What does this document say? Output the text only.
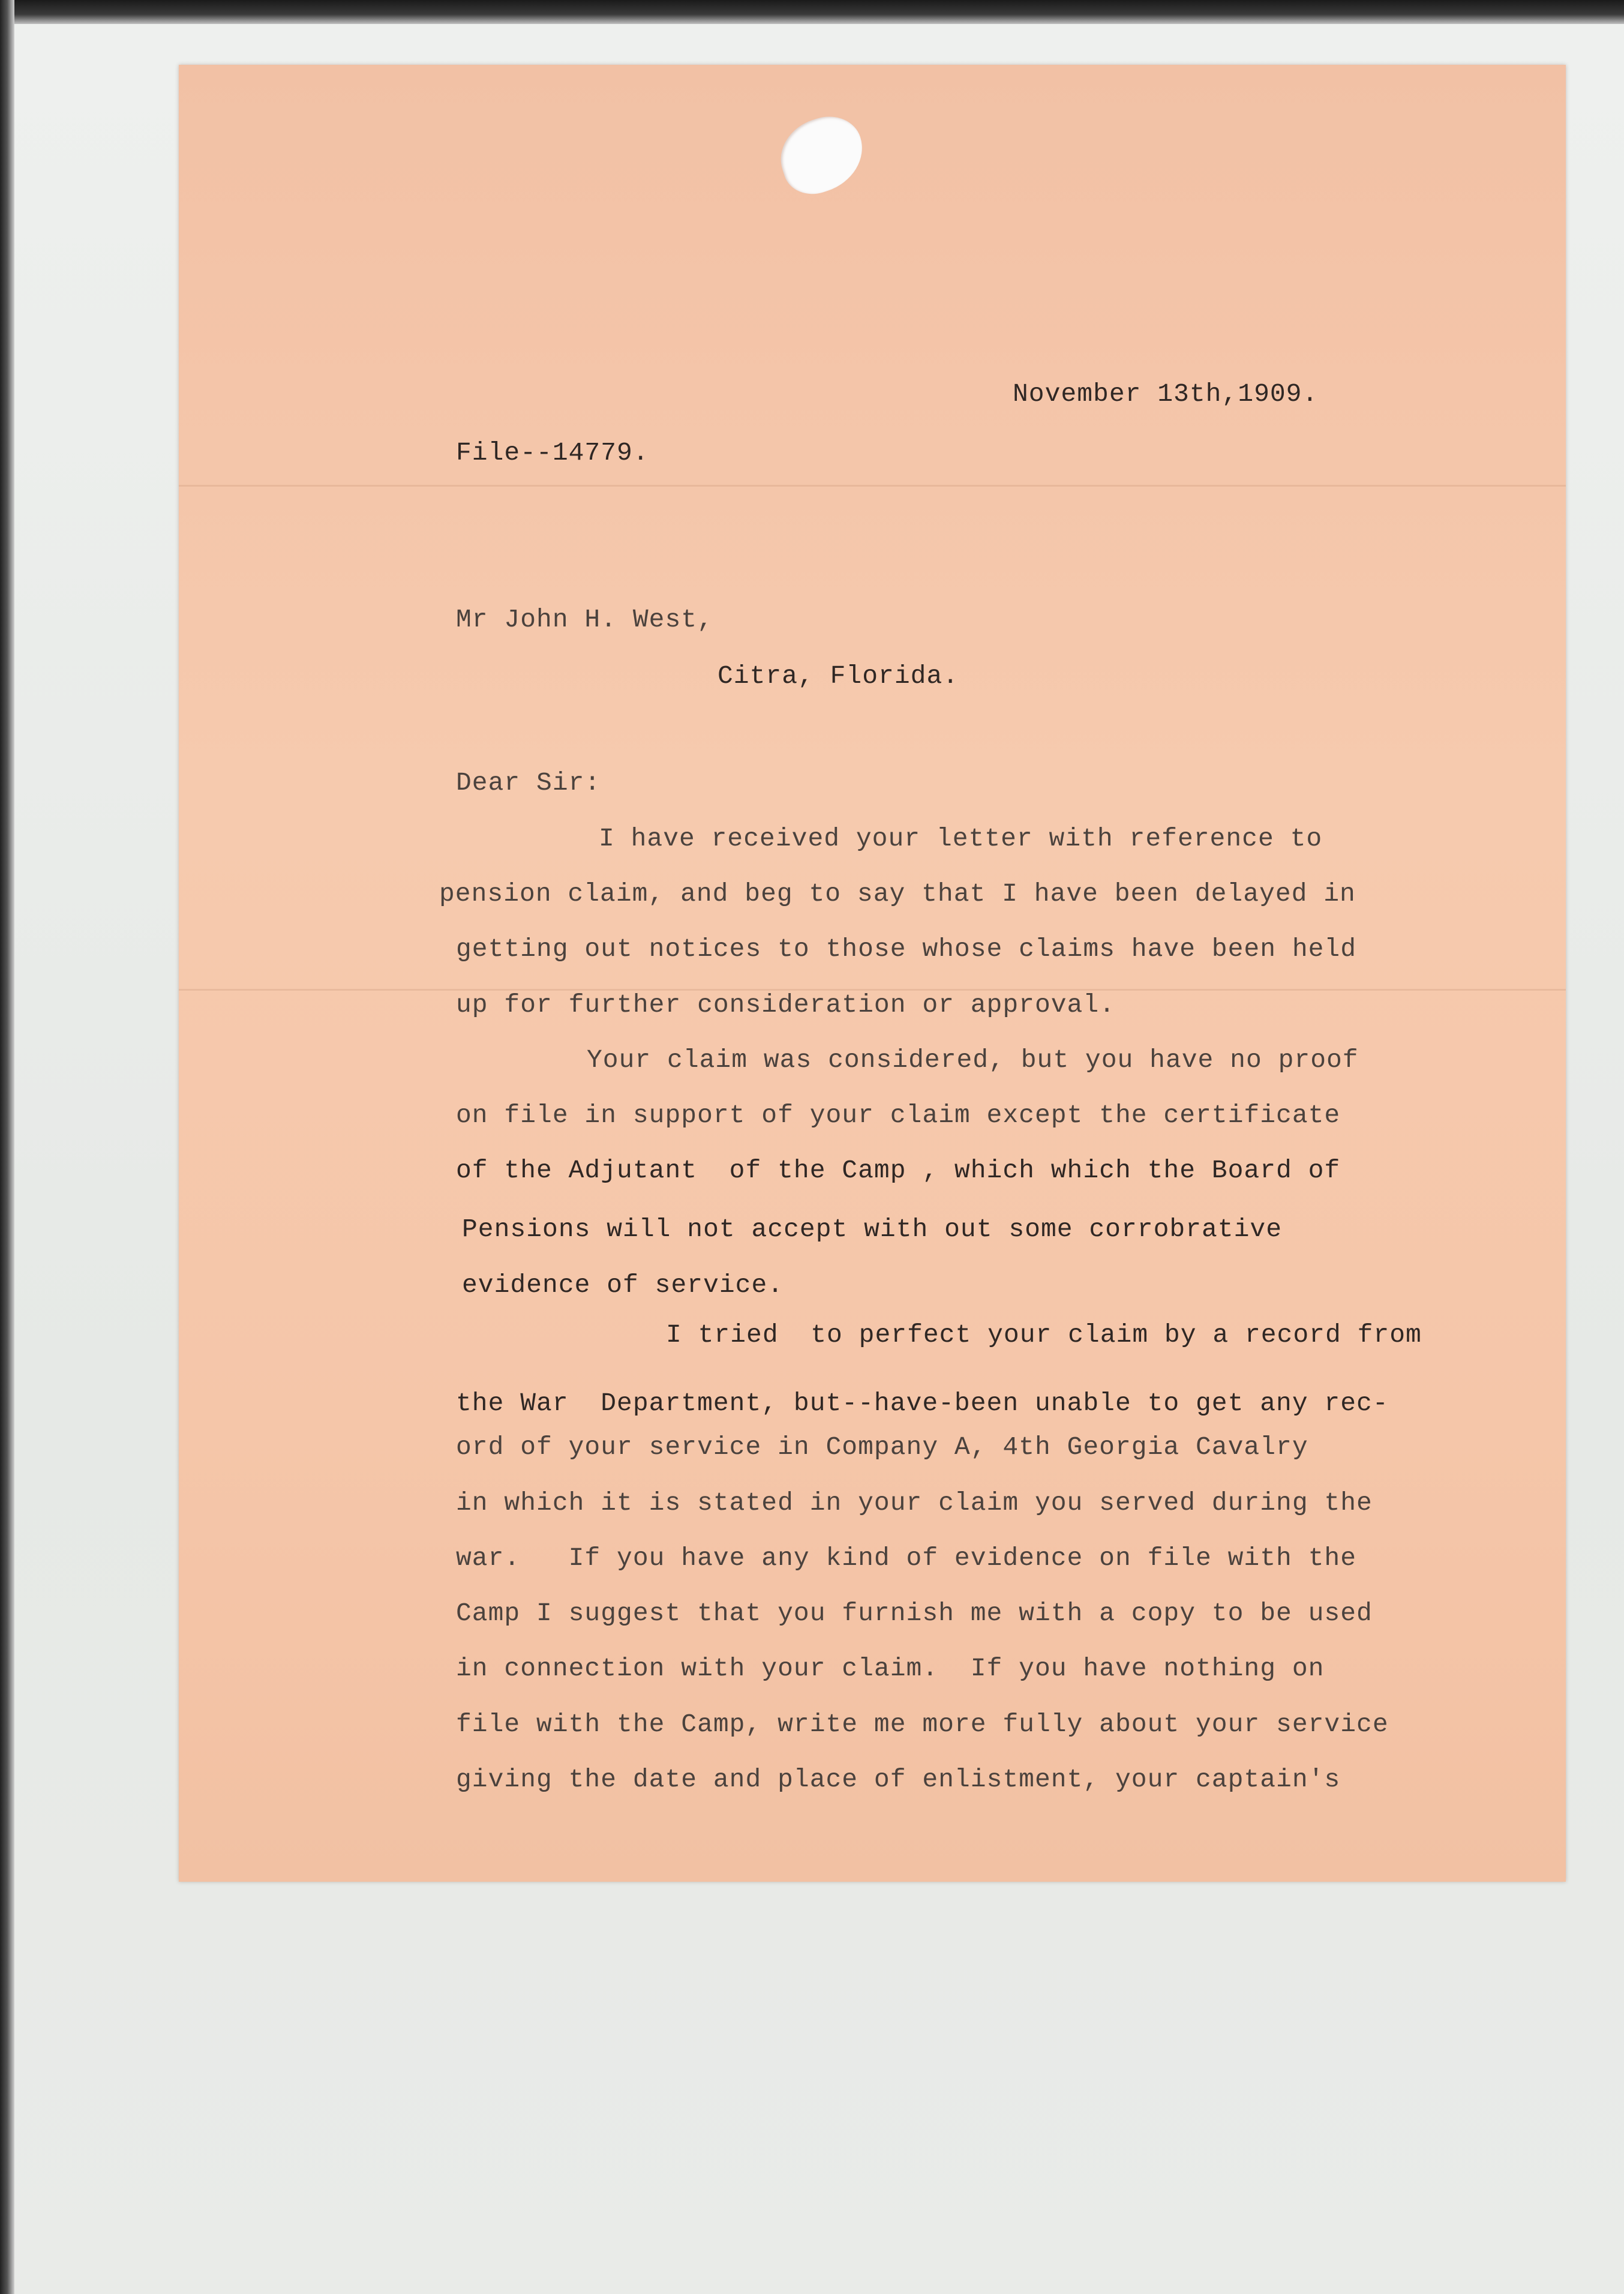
November 13th,1909.
File--14779.
Mr John H. West,
Citra, Florida.
Dear Sir:
I have received your letter with reference to
pension claim, and beg to say that I have been delayed in
getting out notices to those whose claims have been held
up for further consideration or approval.
Your claim was considered, but you have no proof
on file in support of your claim except the certificate
of the Adjutant  of the Camp , which which the Board of
Pensions will not accept with out some corrobrative
evidence of service.
I tried  to perfect your claim by a record from
the War  Department, but--have-been unable to get any rec-
ord of your service in Company A, 4th Georgia Cavalry
in which it is stated in your claim you served during the
war.   If you have any kind of evidence on file with the
Camp I suggest that you furnish me with a copy to be used
in connection with your claim.  If you have nothing on
file with the Camp, write me more fully about your service
giving the date and place of enlistment, your captain's
